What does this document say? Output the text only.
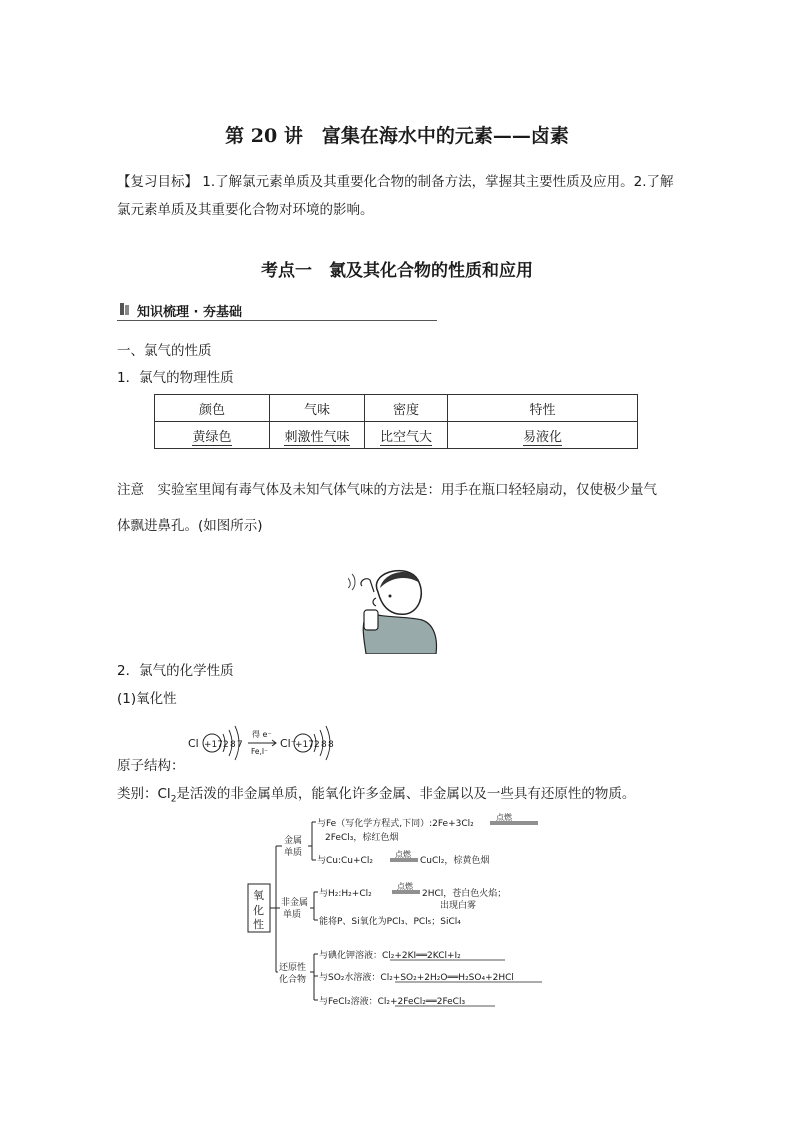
第 20 讲　富集在海水中的元素——卤素
【复习目标】 1.了解氯元素单质及其重要化合物的制备方法，掌握其主要性质及应用。2.了解
氯元素单质及其重要化合物对环境的影响。
考点一　氯及其化合物的性质和应用
知识梳理 · 夯基础
一、氯气的性质
1．氯气的物理性质
颜色	气味	密度	特性
黄绿色	刺激性气味	比空气大	易液化
注意　实验室里闻有毒气体及未知气体气味的方法是：用手在瓶口轻轻扇动，仅使极少量气
体飘进鼻孔。(如图所示)
2．氯气的化学性质
(1)氧化性
Cl +17 2 8 7
得 e⁻
Fe,I⁻
Cl⁻
+17 2 8 8
原子结构：
类别：$Cl_2$是活泼的非金属单质，能氧化许多金属、非金属以及一些具有还原性的物质。
氧
化
性
金属
单质
非金属
单质
还原性
化合物
与Fe（写化学方程式,下同）:2Fe+3Cl₂
点燃
2FeCl₃，棕红色烟
与Cu:Cu+Cl₂
点燃
CuCl₂，棕黄色烟
与H₂:H₂+Cl₂
点燃
2HCl，苍白色火焰；
出现白雾
能将P、Si氧化为PCl₃、PCl₅；SiCl₄
与碘化钾溶液：Cl₂+2KI══2KCl+I₂
与SO₂水溶液：Cl₂+SO₂+2H₂O══H₂SO₄+2HCl
与FeCl₂溶液：Cl₂+2FeCl₂══2FeCl₃
